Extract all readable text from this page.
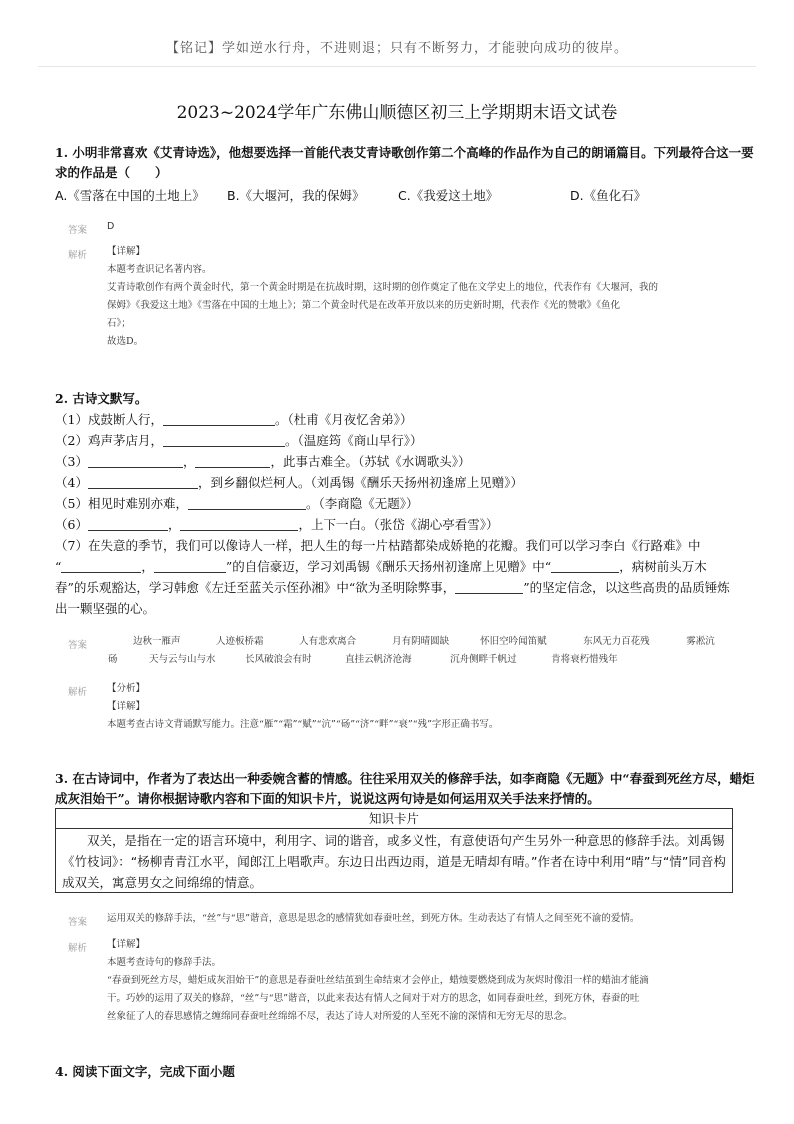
【铭记】学如逆水行舟，不进则退；只有不断努力，才能驶向成功的彼岸。
2023~2024学年广东佛山顺德区初三上学期期末语文试卷
1. 小明非常喜欢《艾青诗选》，他想要选择一首能代表艾青诗歌创作第二个高峰的作品作为自己的朗诵篇目。下列最符合这一要
求的作品是（　　）
A.《雪落在中国的土地上》 B.《大堰河，我的保姆》	C.《我爱这土地》	D.《鱼化石》
答案 D
解析 【详解】
本题考查识记名著内容。
艾青诗歌创作有两个黄金时代，第一个黄金时期是在抗战时期，这时期的创作奠定了他在文学史上的地位，代表作有《大堰河，我的
保姆》《我爱这土地》《雪落在中国的土地上》；第二个黄金时代是在改革开放以来的历史新时期，代表作《光的赞歌》《鱼化
石》；
故选D。
2. 古诗文默写。
（1）戍鼓断人行，	。（杜甫《月夜忆舍弟》）
（2）鸡声茅店月，	。（温庭筠《商山早行》）
（3）	，	，此事古难全。（苏轼《水调歌头》）
（4）	，到乡翻似烂柯人。（刘禹锡《酬乐天扬州初逢席上见赠》）
（5）相见时难别亦难，	。（李商隐《无题》）
（6）	，	，上下一白。（张岱《湖心亭看雪》）
（7）在失意的季节，我们可以像诗人一样，把人生的每一片枯踏都染成娇艳的花瓣。我们可以学习李白《行路难》中
“	，	”的自信豪迈，学习刘禹锡《酬乐天扬州初逢席上见赠》中“	，病树前头万木
春”的乐观豁达，学习韩愈《左迁至蓝关示侄孙湘》中“欲为圣明除弊事，	”的坚定信念，以这些高贵的品质锤炼
出一颗坚强的心。
答案	边秋一雁声	人迹板桥霜	人有悲欢离合	月有阴晴圆缺	怀旧空吟闻笛赋	东风无力百花残	雾凇沆
砀	天与云与山与水	长风破浪会有时	直挂云帆济沧海	沉舟侧畔千帆过	肯将衰朽惜残年
解析 【分析】
【详解】
本题考查古诗文背诵默写能力。注意“雁”“霜”“赋”“沆”“砀”“济”“畔”“衰”“残”字形正确书写。
3. 在古诗词中，作者为了表达出一种委婉含蓄的情感。往往采用双关的修辞手法，如李商隐《无题》中“春蚕到死丝方尽，蜡炬
成灰泪始干”。请你根据诗歌内容和下面的知识卡片，说说这两句诗是如何运用双关手法来抒情的。
知识卡片
双关，是指在一定的语言环境中，利用字、词的谐音，或多义性，有意使语句产生另外一种意思的修辞手法。刘禹锡《竹枝词》：“杨柳青青江水平，闻郎江上唱歌声。东边日出西边雨，道是无晴却有晴。”作者在诗中利用“晴”与“情”同音构成双关，寓意男女之间绵绵的情意。
答案 运用双关的修辞手法，“丝”与“思”谐音，意思是思念的感情犹如春蚕吐丝，到死方休。生动表达了有情人之间至死不渝的爱情。
解析 【详解】
本题考查诗句的修辞手法。
“春蚕到死丝方尽，蜡炬成灰泪始干”的意思是春蚕吐丝结茧到生命结束才会停止，蜡烛要燃烧到成为灰烬时像泪一样的蜡油才能滴
干。巧妙的运用了双关的修辞，“丝”与“思”谐音，以此来表达有情人之间对于对方的思念，如同春蚕吐丝，到死方休，春蚕的吐
丝象征了人的春思感情之缠绵同春蚕吐丝绵绵不尽，表达了诗人对所爱的人至死不渝的深情和无穷无尽的思念。
4. 阅读下面文字，完成下面小题
